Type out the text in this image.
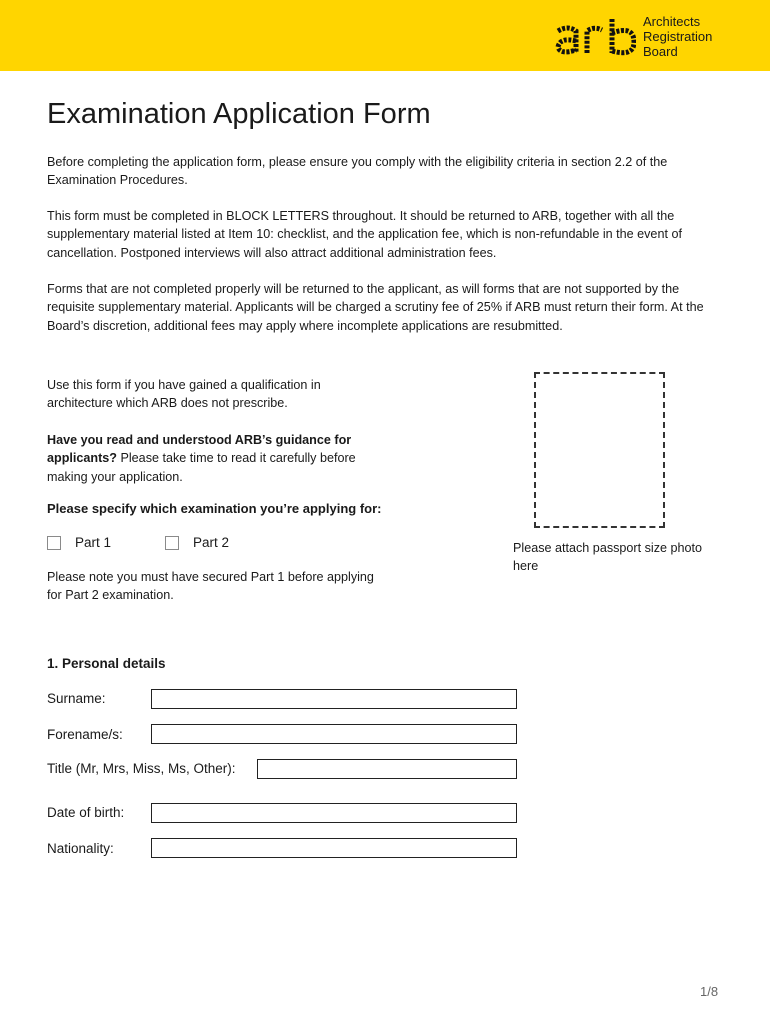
Architects
Registration
Board
Examination Application Form

Before completing the application form, please ensure you comply with the eligibility criteria in section 2.2 of the Examination Procedures.

This form must be completed in BLOCK LETTERS throughout. It should be returned to ARB, together with all the supplementary material listed at Item 10: checklist, and the application fee, which is non-refundable in the event of cancellation. Postponed interviews will also attract additional administration fees.

Forms that are not completed properly will be returned to the applicant, as will forms that are not supported by the requisite supplementary material. Applicants will be charged a scrutiny fee of 25% if ARB must return their form. At the Board’s discretion, additional fees may apply where incomplete applications are resubmitted.

Use this form if you have gained a qualification in architecture which ARB does not prescribe.

Have you read and understood ARB’s guidance for applicants? Please take time to read it carefully before making your application.

Please specify which examination you’re applying for:

Part 1	Part 2

Please note you must have secured Part 1 before applying for Part 2 examination.

Please attach passport size photo here

1. Personal details

Surname:
Forename/s:
Title (Mr, Mrs, Miss, Ms, Other):
Date of birth:
Nationality:
1/8
